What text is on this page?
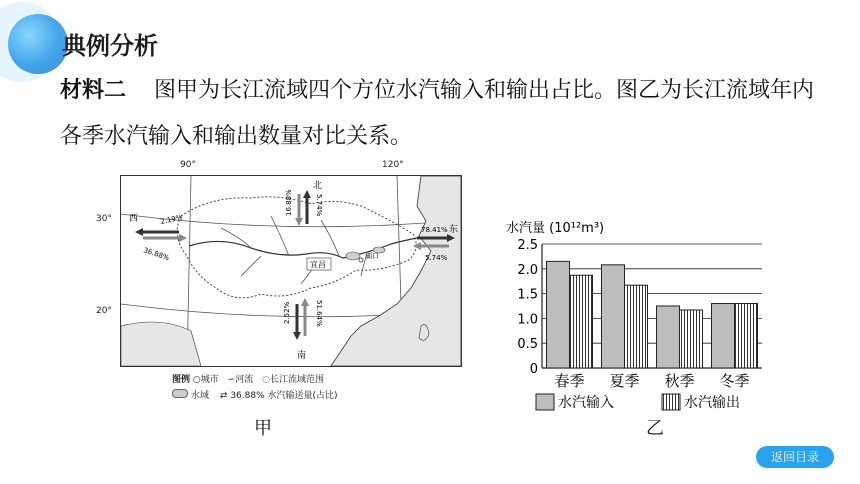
典例分析
材料二 图甲为长江流域四个方位水汽输入和输出占比。图乙为长江流域年内各季水汽输入和输出数量对比关系。
90°	120°
30°
20°
西	2.19%
36.88%
北
16.88%	5.74%
东
78.41%
5.74%
南
2.52%	51.64%
宜昌
湖口
图例 ○城市 ∽河流 ◌长江流域范围
水域 ⇄ 36.88% 水汽输送量(占比)
甲
水汽量 (10¹²m³)
0
0.5
1.0
1.5
2.0
2.5
春季 夏季 秋季 冬季
水汽输入	水汽输出
乙
返回目录
